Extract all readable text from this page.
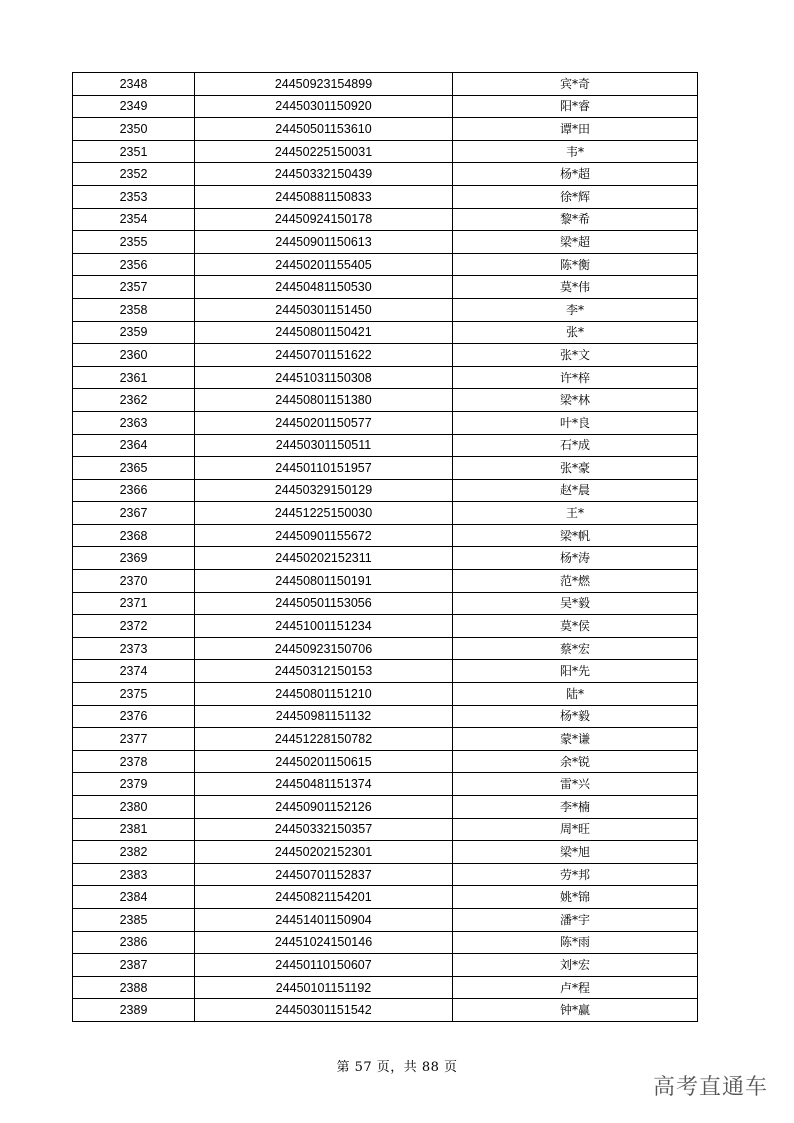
2348	24450923154899	宾*奇
2349	24450301150920	阳*睿
2350	24450501153610	谭*田
2351	24450225150031	韦*
2352	24450332150439	杨*超
2353	24450881150833	徐*辉
2354	24450924150178	黎*希
2355	24450901150613	梁*超
2356	24450201155405	陈*衡
2357	24450481150530	莫*伟
2358	24450301151450	李*
2359	24450801150421	张*
2360	24450701151622	张*文
2361	24451031150308	许*梓
2362	24450801151380	梁*林
2363	24450201150577	叶*良
2364	24450301150511	石*成
2365	24450110151957	张*豪
2366	24450329150129	赵*晨
2367	24451225150030	王*
2368	24450901155672	梁*帆
2369	24450202152311	杨*涛
2370	24450801150191	范*燃
2371	24450501153056	吴*毅
2372	24451001151234	莫*侯
2373	24450923150706	蔡*宏
2374	24450312150153	阳*先
2375	24450801151210	陆*
2376	24450981151132	杨*毅
2377	24451228150782	蒙*谦
2378	24450201150615	余*锐
2379	24450481151374	雷*兴
2380	24450901152126	李*楠
2381	24450332150357	周*旺
2382	24450202152301	梁*旭
2383	24450701152837	劳*邦
2384	24450821154201	姚*锦
2385	24451401150904	潘*宇
2386	24451024150146	陈*雨
2387	24450110150607	刘*宏
2388	24450101151192	卢*程
2389	24450301151542	钟*赢
第 57 页，共 88 页
高考直通车
